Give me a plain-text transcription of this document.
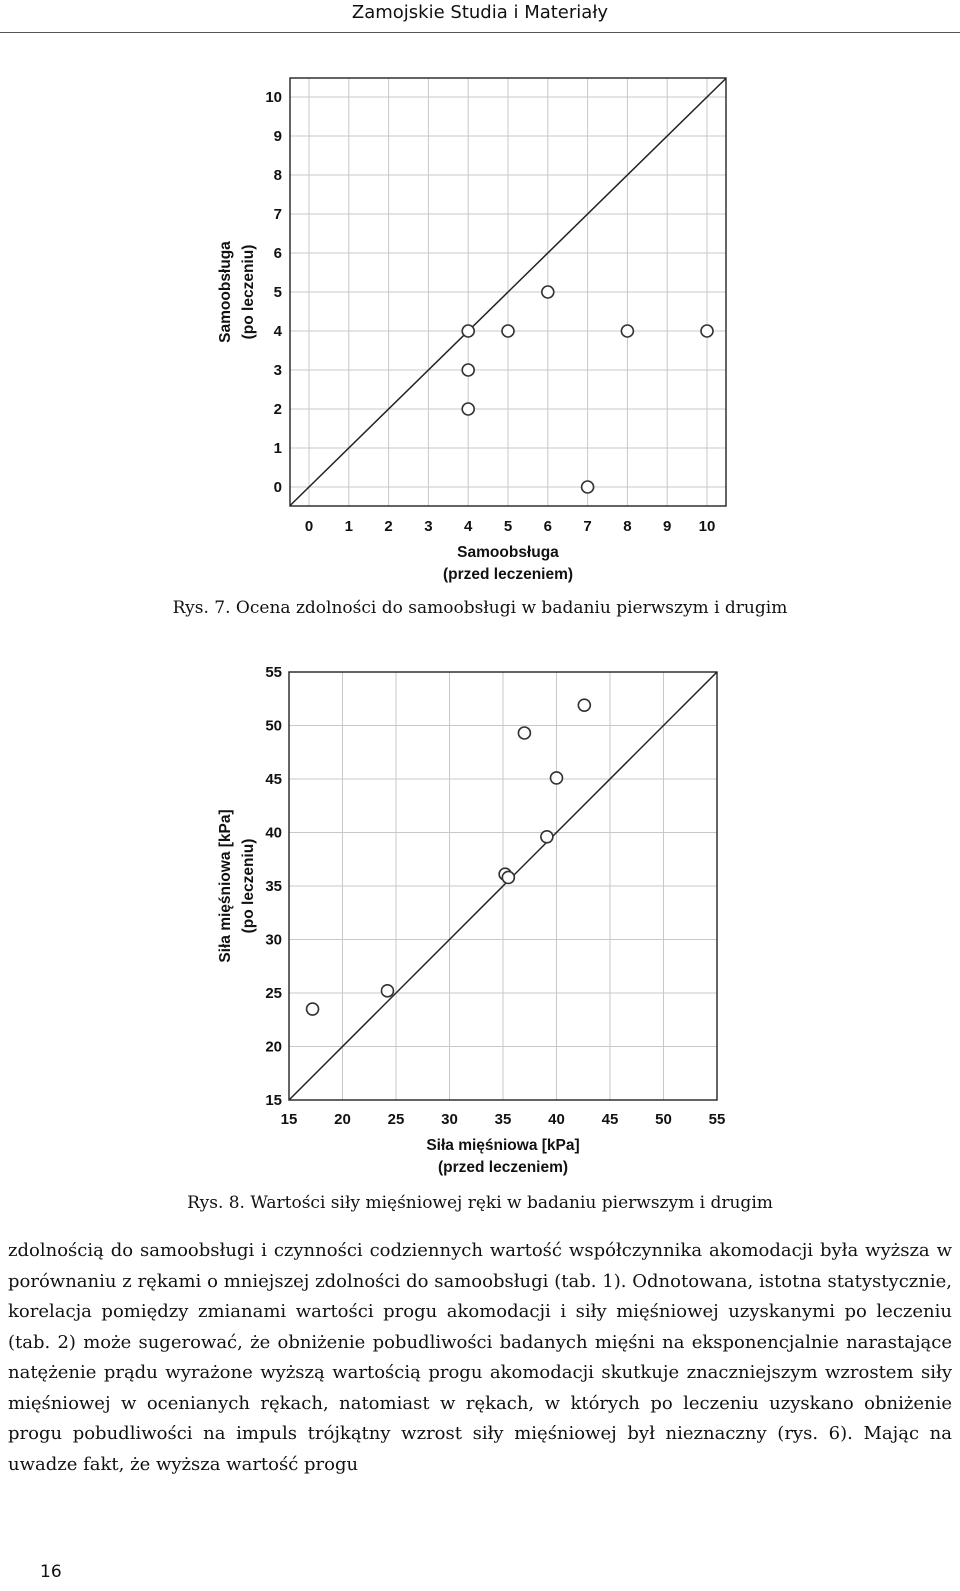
Zamojskie Studia i Materiały
0 1 2 3 4 5 6 7 8 9 10
0
1
2
3
4
5
6
7
8
9
10
Samoobsługa
(przed leczeniem)
Samoobsługa (po leczeniu)
Rys. 7. Ocena zdolności do samoobsługi w badaniu pierwszym i drugim
15 20 25 30 35 40 45 50 55
15
20
25
30
35
40
45
50
55
Siła mięśniowa [kPa]
(przed leczeniem)
Siła mięśniowa [kPa] (po leczeniu)
Rys. 8. Wartości siły mięśniowej ręki w badaniu pierwszym i drugim

zdolnością do samoobsługi i czynności codziennych wartość współczynnika akomodacji była wyższa w porównaniu z rękami o mniejszej zdolności do samoobsługi (tab. 1). Odnotowana, istotna statystycznie, korelacja pomiędzy zmianami wartości progu akomodacji i siły mięśniowej uzyskanymi po leczeniu (tab. 2) może sugerować, że obniżenie pobudliwości badanych mięśni na eksponencjalnie narastające natężenie prądu wyrażone wyższą wartością progu akomodacji skutkuje znaczniejszym wzrostem siły mięśniowej w ocenianych rękach, natomiast w rękach, w których po leczeniu uzyskano obniżenie progu pobudliwości na impuls trójkątny wzrost siły mięśniowej był nieznaczny (rys. 6). Mając na uwadze fakt, że wyższa wartość progu

16
